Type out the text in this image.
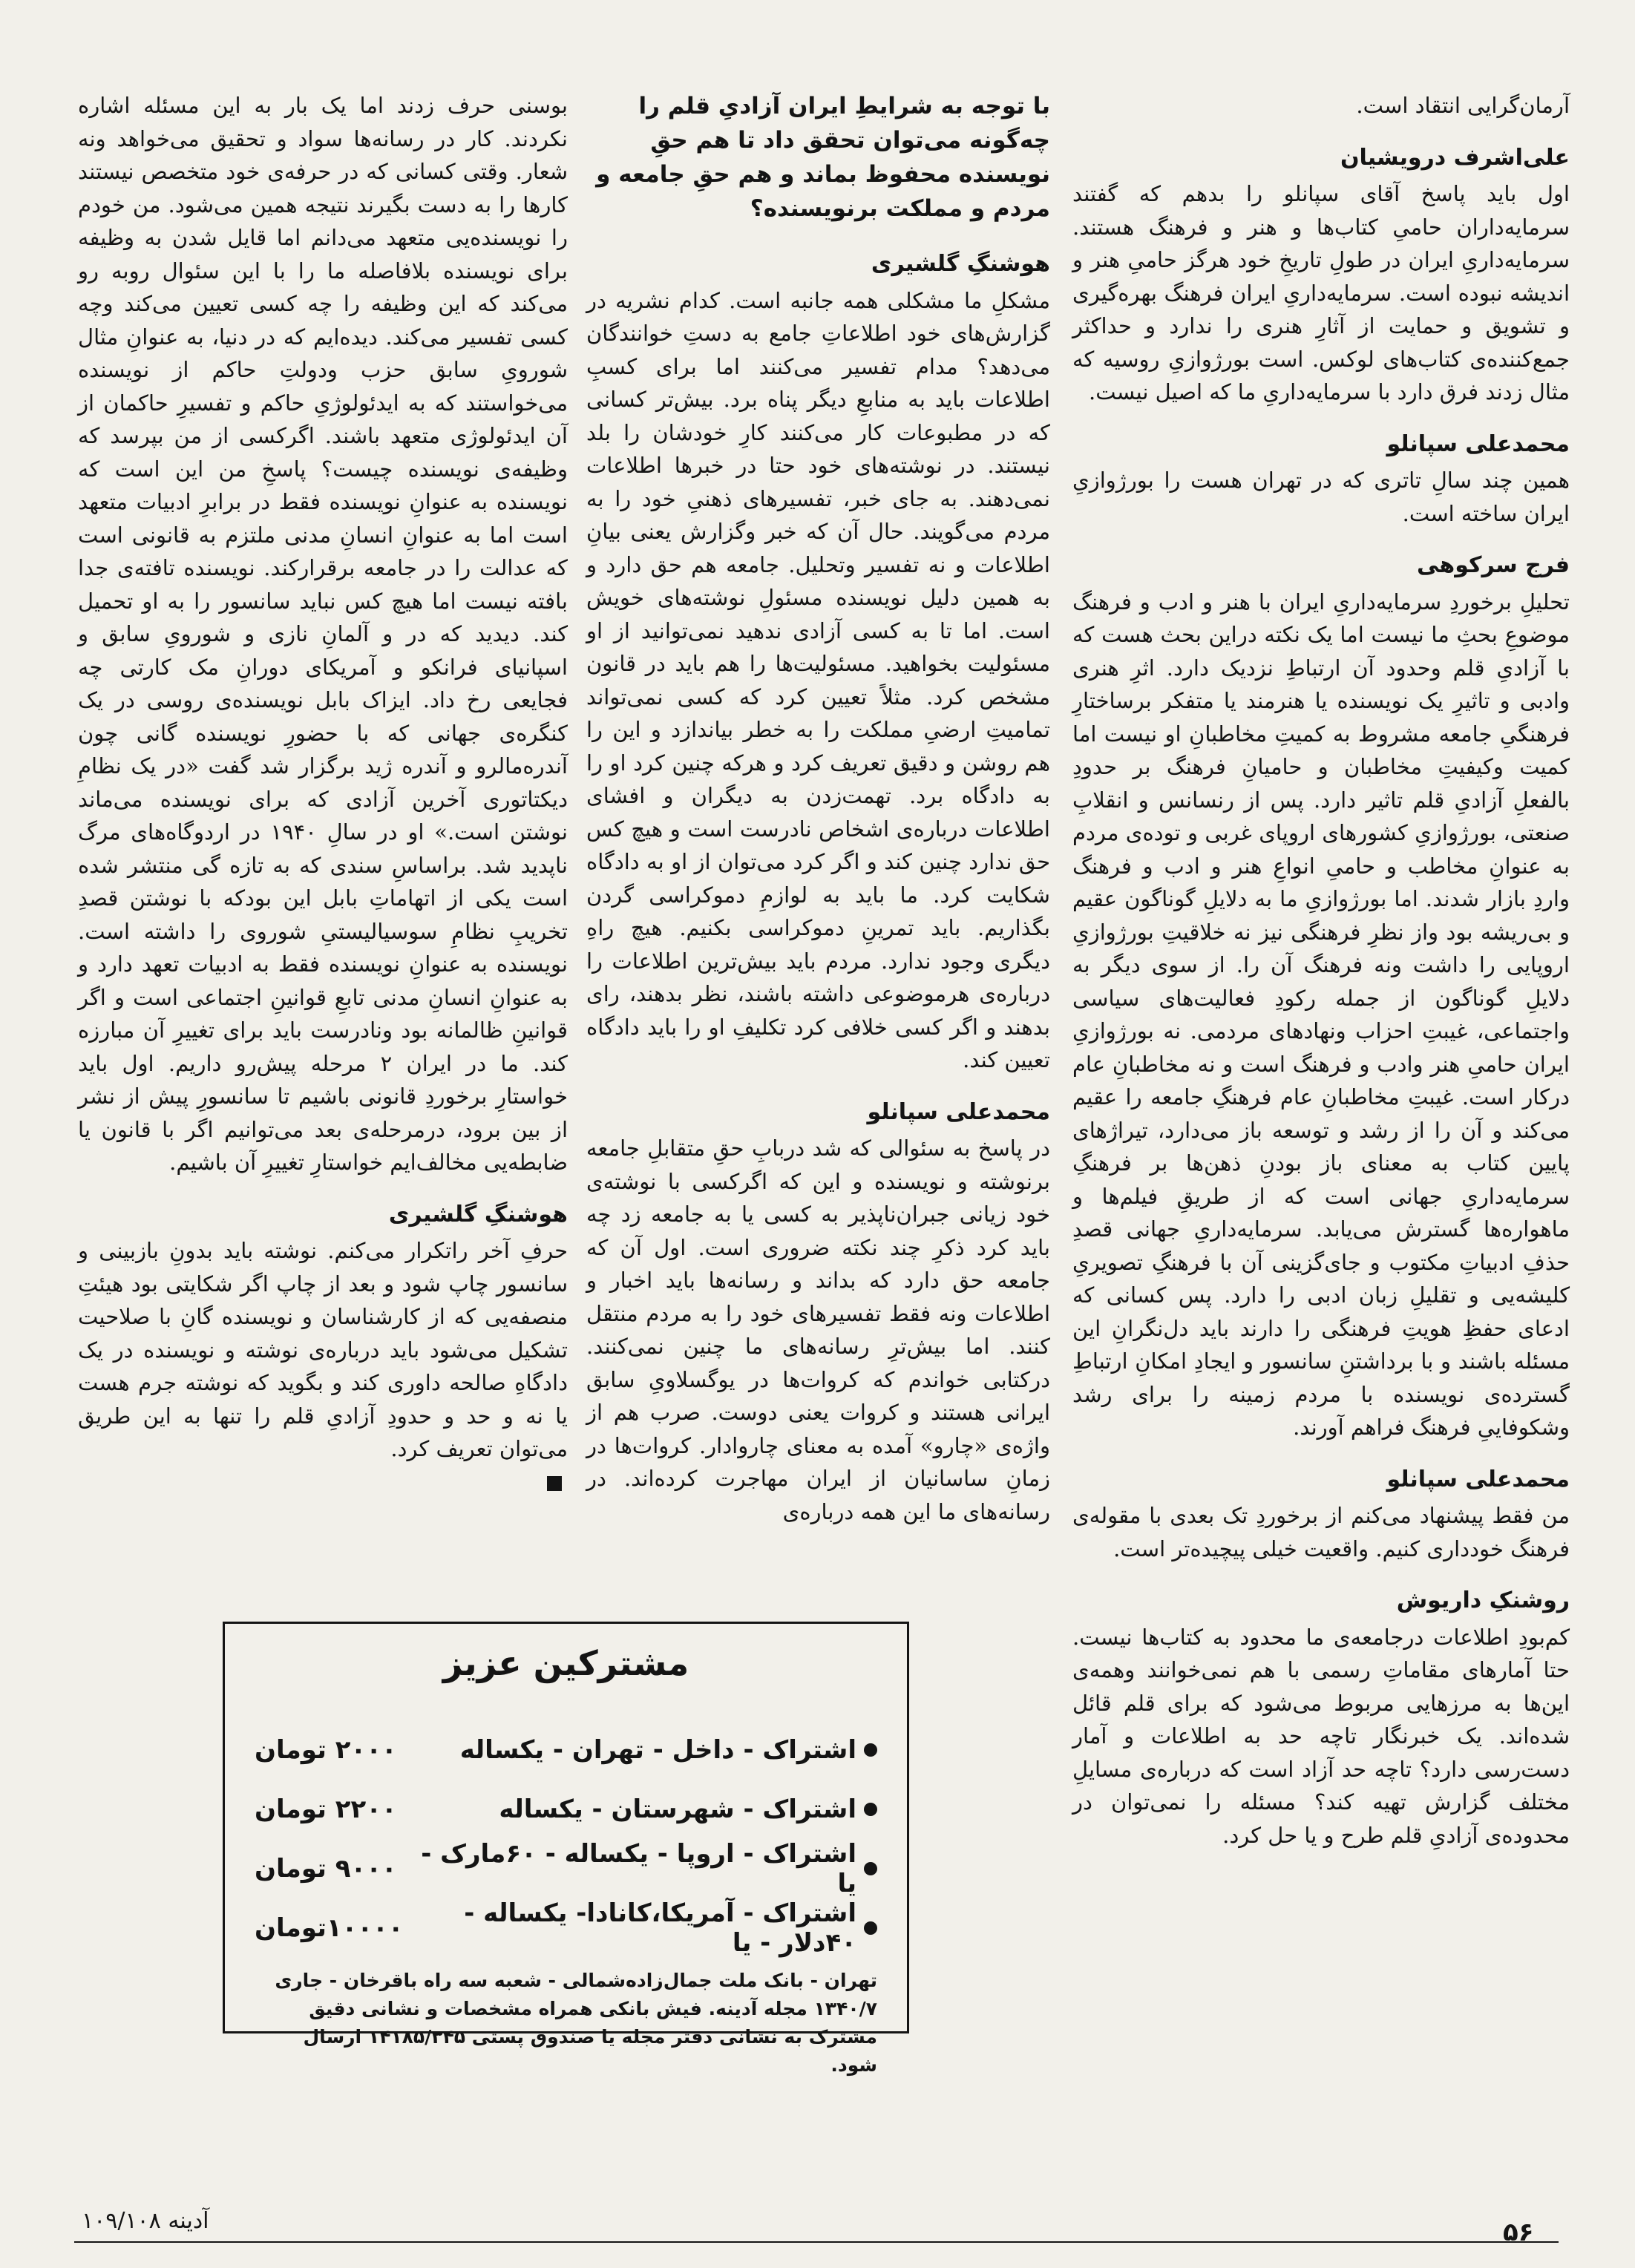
آرمان‌گرایی انتقاد است.

علی‌اشرف درویشیان

اول باید پاسخ آقای سپانلو را بدهم که گفتند سرمایه‌داران حامیِ کتاب‌ها و هنر و فرهنگ هستند. سرمایه‌داریِ ایران در طولِ تاریخِ خود هرگز حامیِ هنر و اندیشه نبوده است. سرمایه‌داریِ ایران فرهنگ بهره‌گیری و تشویق و حمایت از آثارِ هنری را ندارد و حداکثر جمع‌کننده‌ی کتاب‌های لوکس. است بورژوازیِ روسیه که مثال زدند فرق دارد با سرمایه‌داریِ ما که اصیل نیست.

محمدعلی سپانلو

همین چند سالِ تاتری که در تهران هست را بورژوازیِ ایران ساخته است.

فرج سرکوهی

تحلیلِ برخوردِ سرمایه‌داریِ ایران با هنر و ادب و فرهنگ موضوعِ بحثِ ما نیست اما یک نکته دراین بحث هست که با آزادیِ قلم وحدود آن ارتباطِ نزدیک دارد. اثرِ هنری وادبی و تاثیرِ یک نویسنده یا هنرمند یا متفکر برساختارِ فرهنگیِ جامعه مشروط به کمیتِ مخاطبانِ او نیست اما کمیت وکیفیتِ مخاطبان و حامیانِ فرهنگ بر حدودِ بالفعلِ آزادیِ قلم تاثیر دارد. پس از رنسانس و انقلابِ صنعتی، بورژوازیِ کشورهای اروپای غربی و توده‌ی مردم به عنوانِ مخاطب و حامیِ انواعِ هنر و ادب و فرهنگ واردِ بازار شدند. اما بورژوازیِ ما به دلایلِ گوناگون عقیم و بی‌ریشه بود واز نظرِ فرهنگی نیز نه خلاقیتِ بورژوازیِ اروپایی را داشت ونه فرهنگ آن را. از سوی دیگر به دلایلِ گوناگون از جمله رکودِ فعالیت‌های سیاسی واجتماعی، غیبتِ احزاب ونهادهای مردمی. نه بورژوازیِ ایران حامیِ هنر وادب و فرهنگ است و نه مخاطبانِ عام درکار است. غیبتِ مخاطبانِ عام فرهنگِ جامعه را عقیم می‌کند و آن را از رشد و توسعه باز می‌دارد، تیراژهای پایین کتاب به معنای باز بودنِ ذهن‌ها بر فرهنگِ سرمایه‌داریِ جهانی است که از طریقِ فیلم‌ها و ماهواره‌ها گسترش می‌یابد. سرمایه‌داریِ جهانی قصدِ حذفِ ادبیاتِ مکتوب و جای‌گزینی آن با فرهنگِ تصویریِ کلیشه‌یی و تقلیلِ زبان ادبی را دارد. پس کسانی که ادعای حفظِ هویتِ فرهنگی را دارند باید دل‌نگرانِ این مسئله باشند و با برداشتنِ سانسور و ایجادِ امکانِ ارتباطِ گسترده‌ی نویسنده با مردم زمینه را برای رشد وشکوفاییِ فرهنگ فراهم آورند.

محمدعلی سپانلو

من فقط پیشنهاد می‌کنم از برخوردِ تک بعدی با مقوله‌ی فرهنگ خودداری کنیم. واقعیت خیلی پیچیده‌تر است.

روشنکِ داریوش

کم‌بودِ اطلاعات درجامعه‌ی ما محدود به کتاب‌ها نیست. حتا آمارهای مقاماتِ رسمی با هم نمی‌خوانند وهمه‌ی این‌ها به مرزهایی مربوط می‌شود که برای قلم قائل شده‌اند. یک خبرنگار تاچه حد به اطلاعات و آمار دست‌رسی دارد؟ تاچه حد آزاد است که درباره‌ی مسایلِ مختلف گزارش تهیه کند؟ مسئله را نمی‌توان در محدوده‌ی آزادیِ قلم طرح و یا حل کرد.

با توجه به شرایطِ ایران آزادیِ قلم را چه‌گونه می‌توان تحقق داد تا هم حقِ نویسنده محفوظ بماند و هم حقِ جامعه و مردم و مملکت برنویسنده؟
هوشنگِ گلشیری

مشکلِ ما مشکلی همه جانبه است. کدام نشریه در گزارش‌های خود اطلاعاتِ جامع به دستِ خوانندگان می‌دهد؟ مدام تفسیر می‌کنند اما برای کسبِ اطلاعات باید به منابعِ دیگر پناه برد. بیش‌تر کسانی که در مطبوعات کار می‌کنند کارِ خودشان را بلد نیستند. در نوشته‌های خود حتا در خبرها اطلاعات نمی‌دهند. به جای خبر، تفسیرهای ذهنیِ خود را به مردم می‌گویند. حال آن که خبر وگزارش یعنی بیانِ اطلاعات و نه تفسیر وتحلیل. جامعه هم حق دارد و به همین دلیل نویسنده مسئولِ نوشته‌های خویش است. اما تا به کسی آزادی ندهید نمی‌توانید از او مسئولیت بخواهید. مسئولیت‌ها را هم باید در قانون مشخص کرد. مثلاً تعیین کرد که کسی نمی‌تواند تمامیتِ ارضیِ مملکت را به خطر بیاندازد و این را هم روشن و دقیق تعریف کرد و هرکه چنین کرد او را به دادگاه برد. تهمت‌زدن به دیگران و افشای اطلاعات درباره‌ی اشخاص نادرست است و هیچ کس حق ندارد چنین کند و اگر کرد می‌توان از او به دادگاه شکایت کرد. ما باید به لوازمِ دموکراسی گردن بگذاریم. باید تمرینِ دموکراسی بکنیم. هیچ راهِ دیگری وجود ندارد. مردم باید بیش‌ترین اطلاعات را درباره‌ی هرموضوعی داشته باشند، نظر بدهند، رای بدهند و اگر کسی خلافی کرد تکلیفِ او را باید دادگاه تعیین کند.

محمدعلی سپانلو

در پاسخ به سئوالی که شد دربابِ حقِ متقابلِ جامعه برنوشته و نویسنده و این که اگرکسی با نوشته‌ی خود زیانی جبران‌ناپذیر به کسی یا به جامعه زد چه باید کرد ذکرِ چند نکته ضروری است. اول آن که جامعه حق دارد که بداند و رسانه‌ها باید اخبار و اطلاعات ونه فقط تفسیرهای خود را به مردم منتقل کنند. اما بیش‌ترِ رسانه‌های ما چنین نمی‌کنند. درکتابی خواندم که کروات‌ها در یوگسلاویِ سابق ایرانی هستند و کروات یعنی دوست. صرب هم از واژه‌ی «چارو» آمده به معنای چاروادار. کروات‌ها در زمانِ ساسانیان از ایران مهاجرت کرده‌اند. در رسانه‌های ما این همه درباره‌ی

بوسنی حرف زدند اما یک بار به این مسئله اشاره نکردند. کار در رسانه‌ها سواد و تحقیق می‌خواهد ونه شعار. وقتی کسانی که در حرفه‌ی خود متخصص نیستند کارها را به دست بگیرند نتیجه همین می‌شود. من خودم را نویسنده‌یی متعهد می‌دانم اما قایل شدن به وظیفه برای نویسنده بلافاصله ما را با این سئوال روبه رو می‌کند که این وظیفه را چه کسی تعیین می‌کند وچه کسی تفسیر می‌کند. دیده‌ایم که در دنیا، به عنوانِ مثال شورویِ سابق حزب ودولتِ حاکم از نویسنده می‌خواستند که به ایدئولوژیِ حاکم و تفسیرِ حاکمان از آن ایدئولوژی متعهد باشند. اگرکسی از من بپرسد که وظیفه‌ی نویسنده چیست؟ پاسخِ من این است که نویسنده به عنوانِ نویسنده فقط در برابرِ ادبیات متعهد است اما به عنوانِ انسانِ مدنی ملتزم به قانونی است که عدالت را در جامعه برقرارکند. نویسنده تافته‌ی جدا بافته نیست اما هیچ کس نباید سانسور را به او تحمیل کند. دیدید که در و آلمانِ نازی و شورویِ سابق و اسپانیای فرانکو و آمریکای دورانِ مک کارتی چه فجایعی رخ داد. ایزاک بابل نویسنده‌ی روسی در یک کنگره‌ی جهانی که با حضورِ نویسنده گانی چون آندره‌مالرو و آندره ژید برگزار شد گفت «در یک نظامِ دیکتاتوری آخرین آزادی که برای نویسنده می‌ماند نوشتن است.» او در سالِ ۱۹۴۰ در اردوگاه‌های مرگ ناپدید شد. براساسِ سندی که به تازه گی منتشر شده است یکی از اتهاماتِ بابل این بودکه با نوشتن قصدِ تخریبِ نظامِ سوسیالیستیِ شوروی را داشته است. نویسنده به عنوانِ نویسنده فقط به ادبیات تعهد دارد و به عنوانِ انسانِ مدنی تابعِ قوانینِ اجتماعی است و اگر قوانینِ ظالمانه بود ونادرست باید برای تغییرِ آن مبارزه کند. ما در ایران ۲ مرحله پیش‌رو داریم. اول باید خواستارِ برخوردِ قانونی باشیم تا سانسورِ پیش از نشر از بین برود، درمرحله‌ی بعد می‌توانیم اگر با قانون یا ضابطه‌یی مخالف‌ایم خواستارِ تغییرِ آن باشیم.

هوشنگِ گلشیری

حرفِ آخر راتکرار می‌کنم. نوشته باید بدونِ بازبینی و سانسور چاپ شود و بعد از چاپ اگر شکایتی بود هیئتِ منصفه‌یی که از کارشناسان و نویسنده گانِ با صلاحیت تشکیل می‌شود باید درباره‌ی نوشته و نویسنده در یک دادگاهِ صالحه داوری کند و بگوید که نوشته جرم هست یا نه و حد و حدودِ آزادیِ قلم را تنها به این طریق می‌توان تعریف کرد.

مشترکین عزیز
اشتراک - داخل - تهران - یکساله
۲۰۰۰ تومان
اشتراک - شهرستان - یکساله
۲۲۰۰ تومان
اشتراک - اروپا - یکساله - ۶۰مارک - یا
۹۰۰۰ تومان
اشتراک - آمریکا،کانادا- یکساله - ۴۰دلار - یا
۱۰۰۰۰تومان
تهران - بانک ملت جمال‌زاده‌شمالی - شعبه سه راه باقرخان - جاری ۱۳۴۰/۷ مجله آدینه. فیش بانکی همراه مشخصات و نشانی دقیق مشترک به نشانی دفتر مجله یا صندوق پستی ۱۴۱۸۵/۳۴۵ ارسال شود.
۵۶
آدینه ۱۰۹/۱۰۸
